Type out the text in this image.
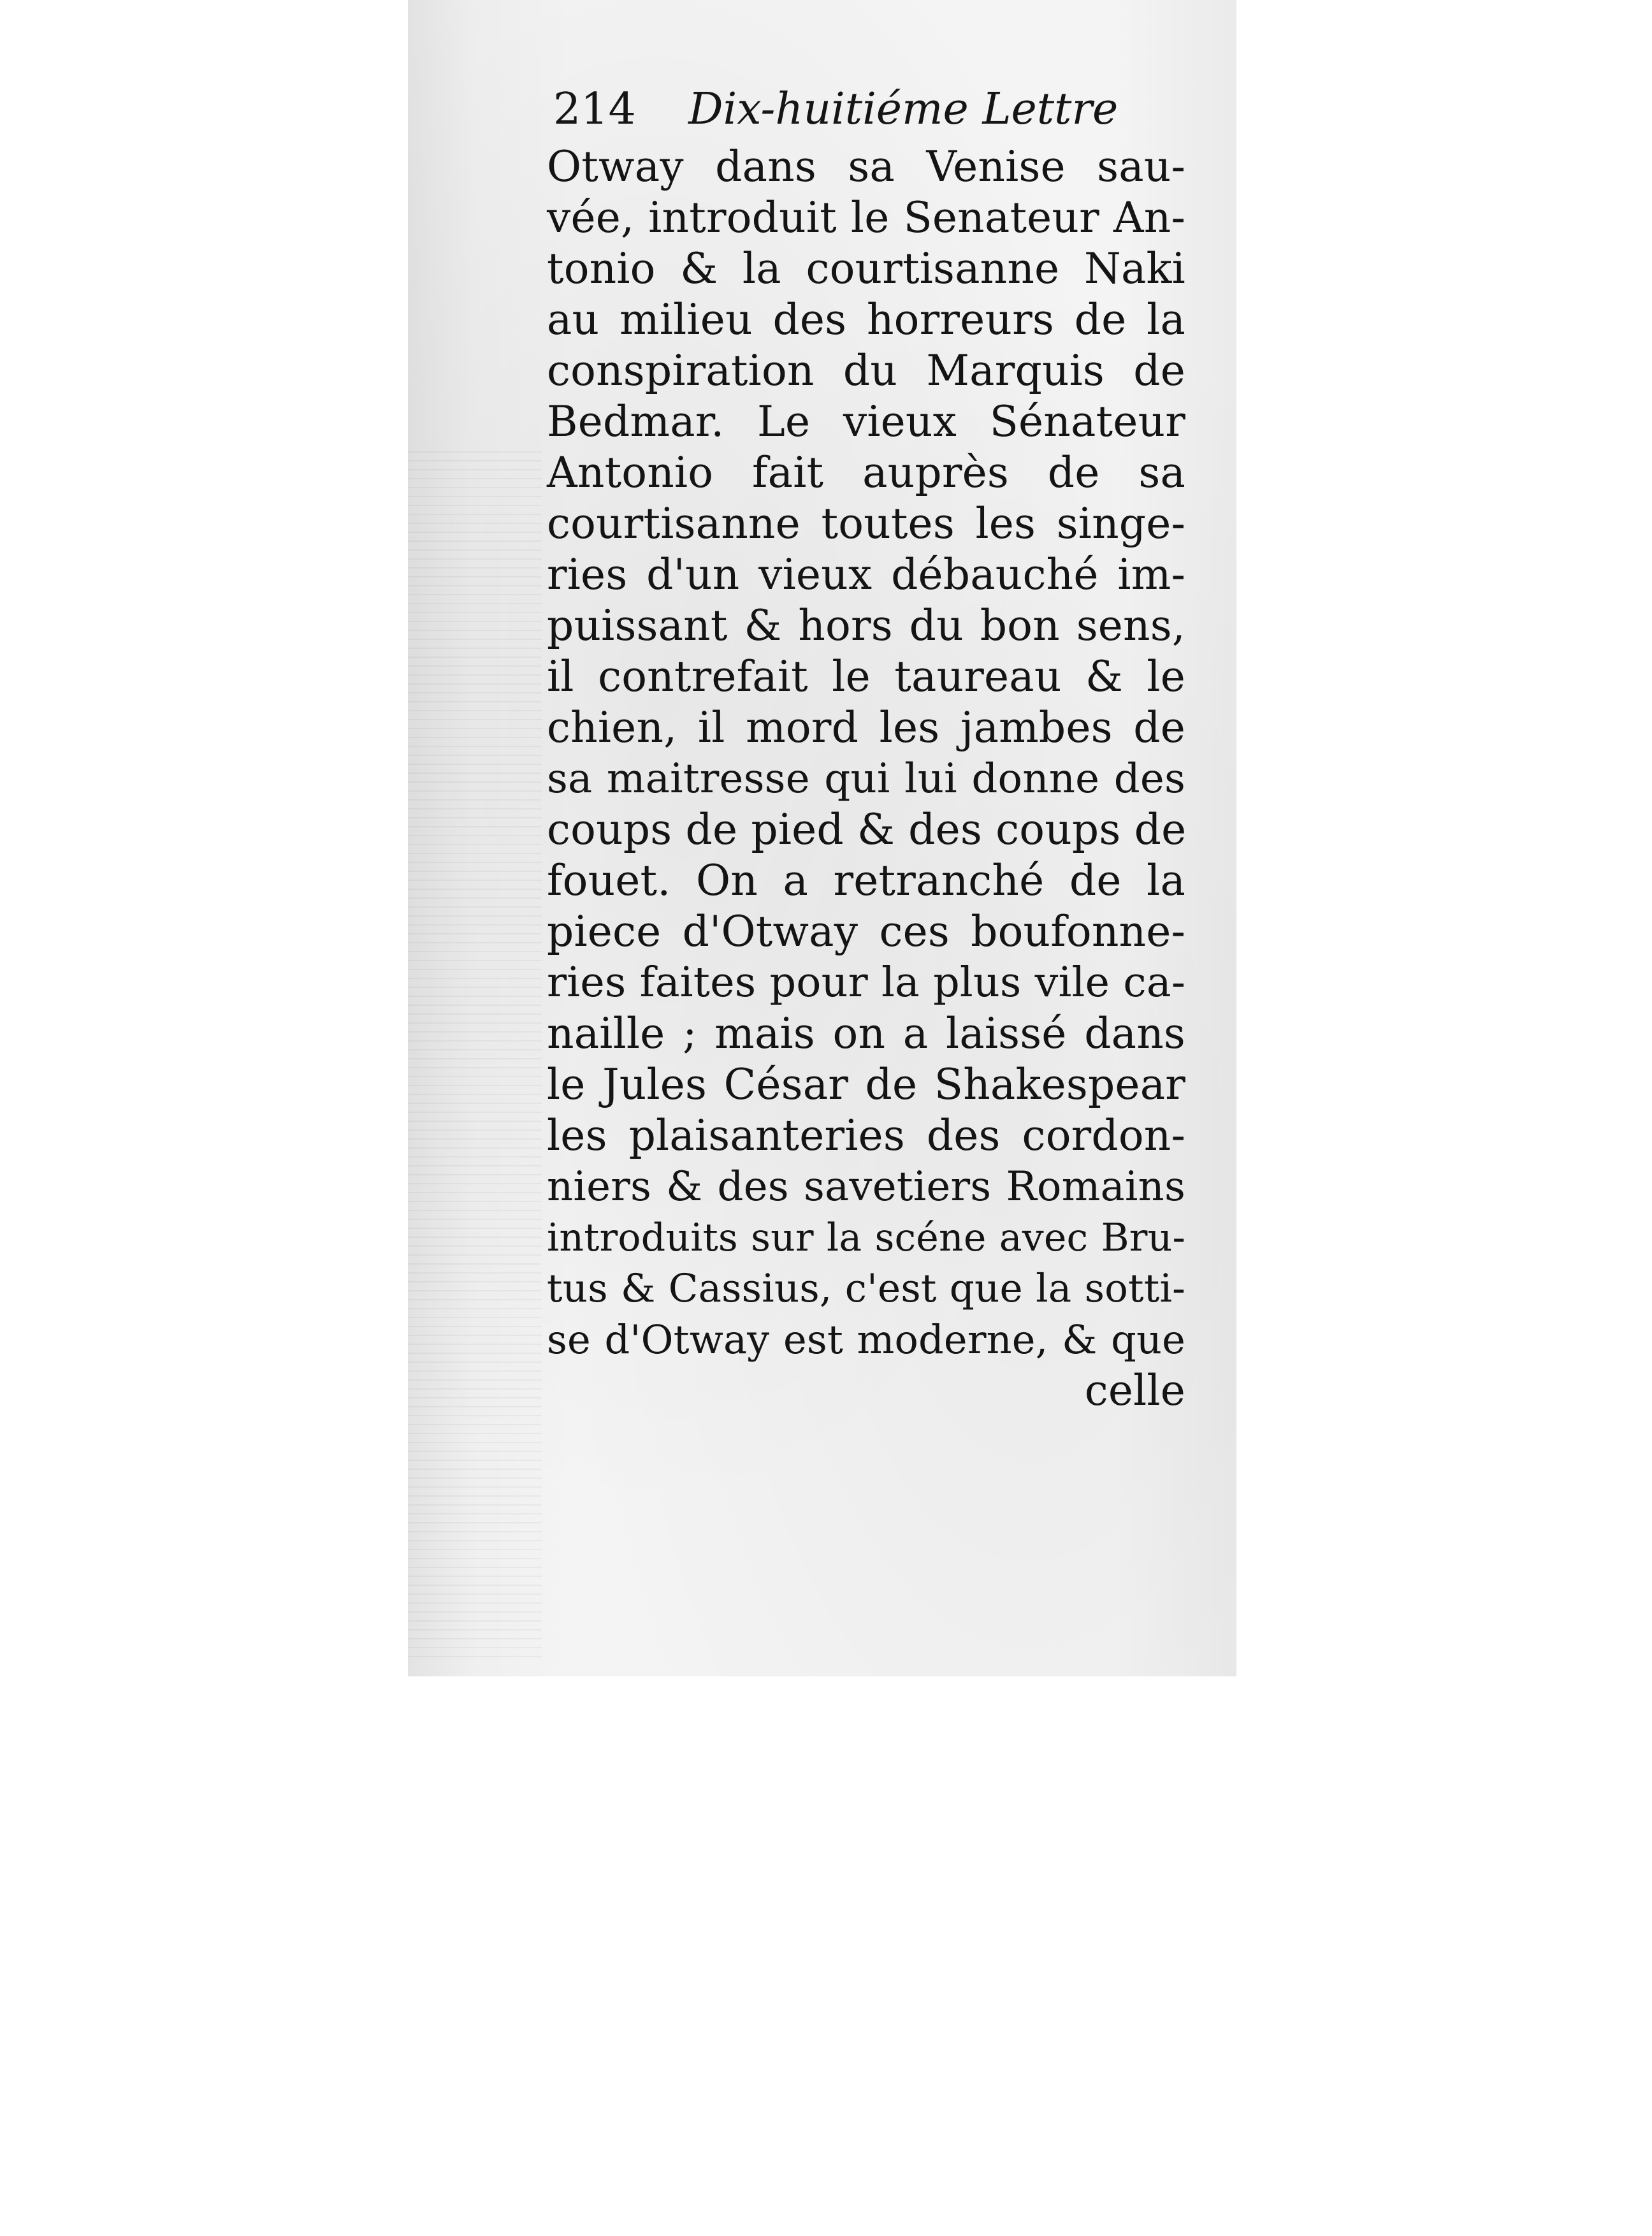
214 Dix-huitiéme Lettre
Otway dans sa Venise sau-
vée, introduit le Senateur An-
tonio & la courtisanne Naki
au milieu des horreurs de la
conspiration du Marquis de
Bedmar. Le vieux Sénateur
Antonio fait auprès de sa
courtisanne toutes les singe-
ries d'un vieux débauché im-
puissant & hors du bon sens,
il contrefait le taureau & le
chien, il mord les jambes de
sa maitresse qui lui donne des
coups de pied & des coups de
fouet. On a retranché de la
piece d'Otway ces boufonne-
ries faites pour la plus vile ca-
naille ; mais on a laissé dans
le Jules César de Shakespear
les plaisanteries des cordon-
niers & des savetiers Romains
introduits sur la scéne avec Bru-
tus & Cassius, c'est que la sotti-
se d'Otway est moderne, & que
celle
